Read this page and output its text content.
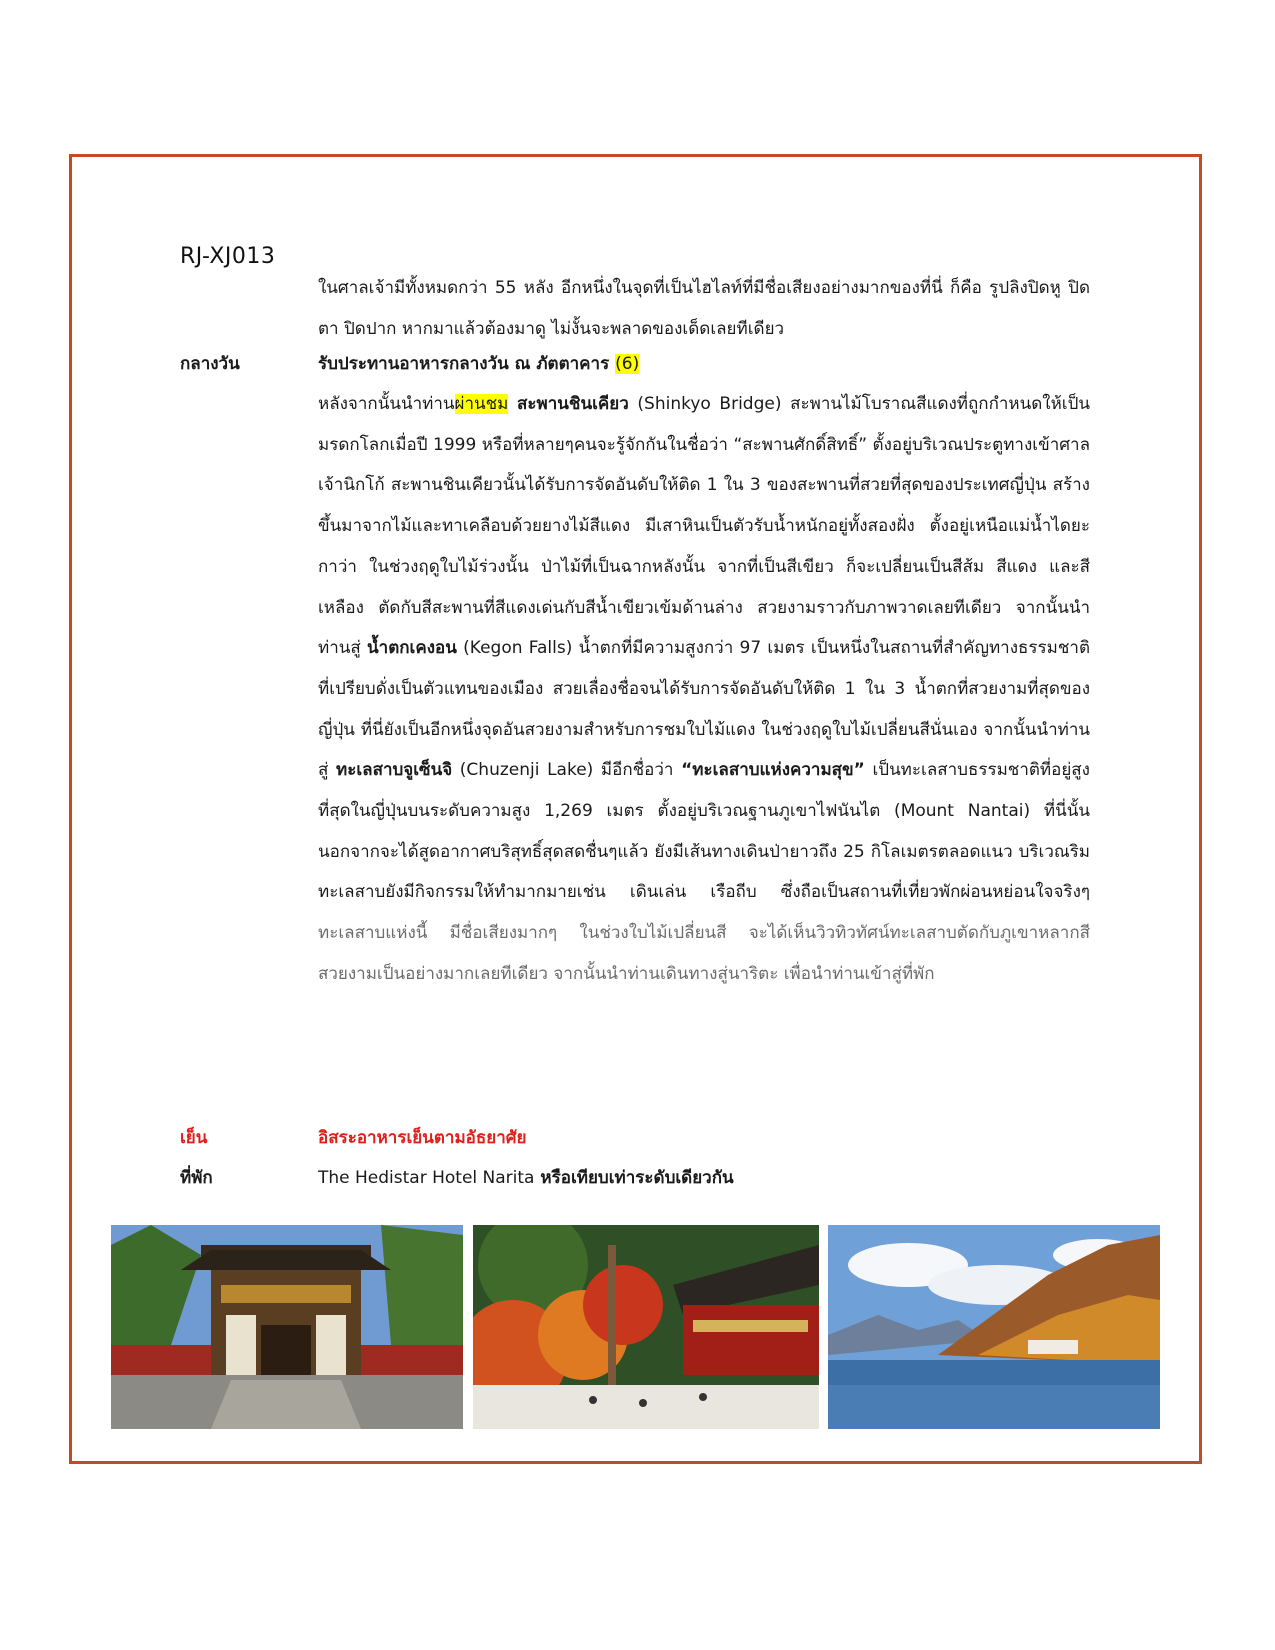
RJ-XJ013
ในศาลเจ้ามีทั้งหมดกว่า 55 หลัง อีกหนึ่งในจุดที่เป็นไฮไลท์ที่มีชื่อเสียงอย่างมากของที่นี่ ก็คือ รูปลิงปิดหู ปิดตา ปิดปาก หากมาแล้วต้องมาดู ไม่งั้นจะพลาดของเด็ดเลยทีเดียว
กลางวัน	รับประทานอาหารกลางวัน ณ ภัตตาคาร (6)
หลังจากนั้นนำท่านผ่านชม สะพานชินเคียว (Shinkyo Bridge) สะพานไม้โบราณสีแดงที่ถูกกำหนดให้เป็นมรดกโลกเมื่อปี 1999 หรือที่หลายๆคนจะรู้จักกันในชื่อว่า “สะพานศักดิ์สิทธิ์” ตั้งอยู่บริเวณประตูทางเข้าศาลเจ้านิกโก้ สะพานชินเคียวนั้นได้รับการจัดอันดับให้ติด 1 ใน 3 ของสะพานที่สวยที่สุดของประเทศญี่ปุ่น สร้างขึ้นมาจากไม้และทาเคลือบด้วยยางไม้สีแดง มีเสาหินเป็นตัวรับน้ำหนักอยู่ทั้งสองฝั่ง ตั้งอยู่เหนือแม่น้ำไดยะกาว่า ในช่วงฤดูใบไม้ร่วงนั้น ป่าไม้ที่เป็นฉากหลังนั้น จากที่เป็นสีเขียว ก็จะเปลี่ยนเป็นสีส้ม สีแดง และสีเหลือง ตัดกับสีสะพานที่สีแดงเด่นกับสีน้ำเขียวเข้มด้านล่าง สวยงามราวกับภาพวาดเลยทีเดียว จากนั้นนำท่านสู่ น้ำตกเคงอน (Kegon Falls) น้ำตกที่มีความสูงกว่า 97 เมตร เป็นหนึ่งในสถานที่สำคัญทางธรรมชาติที่เปรียบดั่งเป็นตัวแทนของเมือง สวยเลื่องชื่อจนได้รับการจัดอันดับให้ติด 1 ใน 3 น้ำตกที่สวยงามที่สุดของญี่ปุ่น ที่นี่ยังเป็นอีกหนึ่งจุดอันสวยงามสำหรับการชมใบไม้แดง ในช่วงฤดูใบไม้เปลี่ยนสีนั่นเอง จากนั้นนำท่านสู่ ทะเลสาบจูเซ็นจิ (Chuzenji Lake) มีอีกชื่อว่า “ทะเลสาบแห่งความสุข” เป็นทะเลสาบธรรมชาติที่อยู่สูงที่สุดในญี่ปุ่นบนระดับความสูง 1,269 เมตร ตั้งอยู่บริเวณฐานภูเขาไฟนันไต (Mount Nantai) ที่นี่นั้นนอกจากจะได้สูดอากาศบริสุทธิ์สุดสดชื่นๆแล้ว ยังมีเส้นทางเดินป่ายาวถึง 25 กิโลเมตรตลอดแนว บริเวณริมทะเลสาบยังมีกิจกรรมให้ทำมากมายเช่น เดินเล่น เรือถีบ ซึ่งถือเป็นสถานที่เที่ยวพักผ่อนหย่อนใจจริงๆ ทะเลสาบแห่งนี้ มีชื่อเสียงมากๆ ในช่วงใบไม้เปลี่ยนสี จะได้เห็นวิวทิวทัศน์ทะเลสาบตัดกับภูเขาหลากสีสวยงามเป็นอย่างมากเลยทีเดียว จากนั้นนำท่านเดินทางสู่นาริตะ เพื่อนำท่านเข้าสู่ที่พัก
เย็น	อิสระอาหารเย็นตามอัธยาศัย
ที่พัก	The Hedistar Hotel Narita หรือเทียบเท่าระดับเดียวกัน
